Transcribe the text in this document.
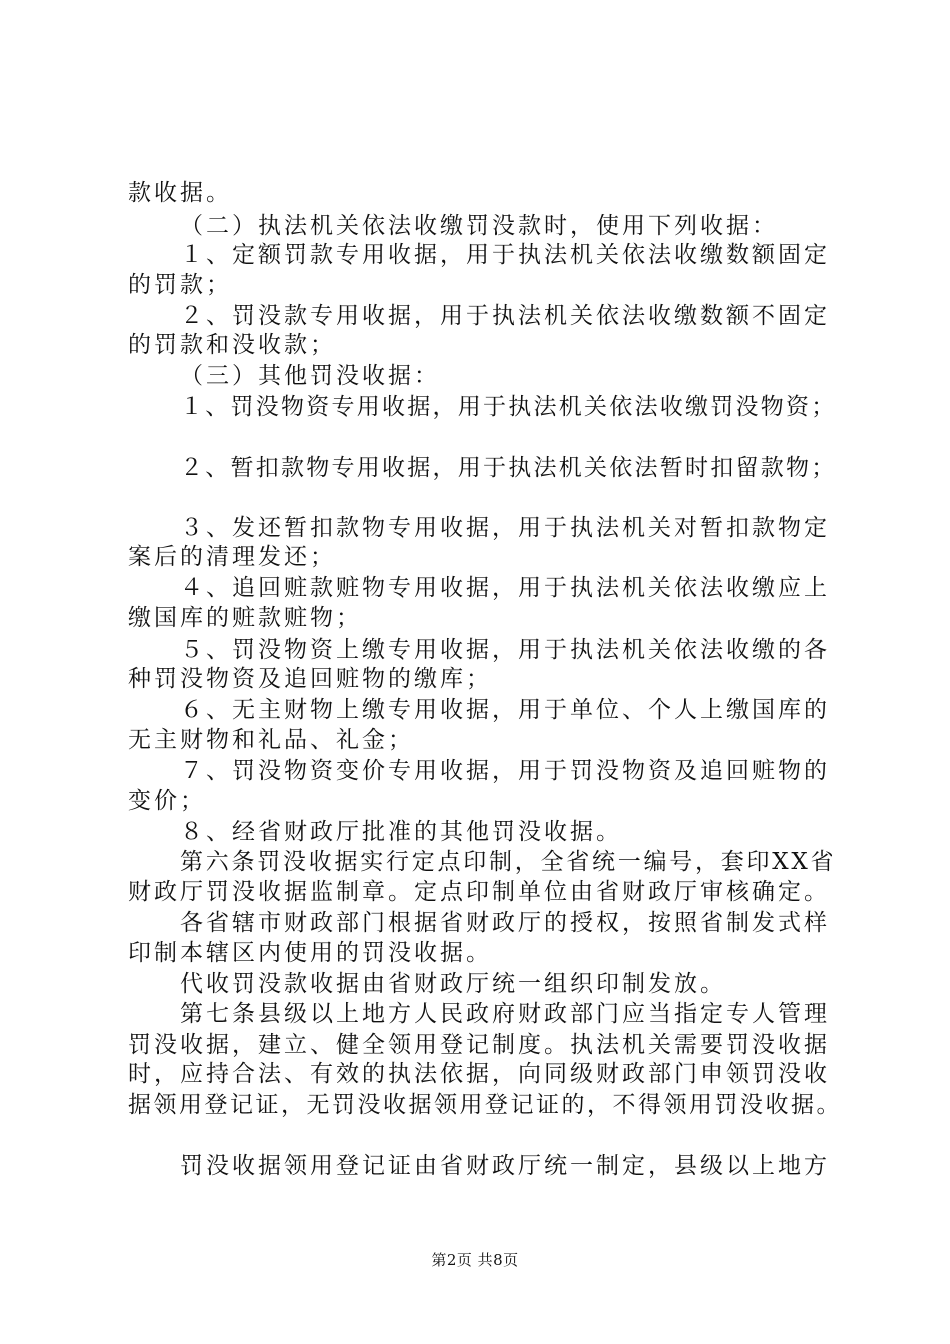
款收据。
（二）执法机关依法收缴罚没款时，使用下列收据：
１、定额罚款专用收据，用于执法机关依法收缴数额固定
的罚款；
２、罚没款专用收据，用于执法机关依法收缴数额不固定
的罚款和没收款；
（三）其他罚没收据：
１、罚没物资专用收据，用于执法机关依法收缴罚没物资；
２、暂扣款物专用收据，用于执法机关依法暂时扣留款物；
３、发还暂扣款物专用收据，用于执法机关对暂扣款物定
案后的清理发还；
４、追回赃款赃物专用收据，用于执法机关依法收缴应上
缴国库的赃款赃物；
５、罚没物资上缴专用收据，用于执法机关依法收缴的各
种罚没物资及追回赃物的缴库；
６、无主财物上缴专用收据，用于单位、个人上缴国库的
无主财物和礼品、礼金；
７、罚没物资变价专用收据，用于罚没物资及追回赃物的
变价；
８、经省财政厅批准的其他罚没收据。
第六条罚没收据实行定点印制，全省统一编号，套印XX省
财政厅罚没收据监制章。定点印制单位由省财政厅审核确定。
各省辖市财政部门根据省财政厅的授权，按照省制发式样
印制本辖区内使用的罚没收据。
代收罚没款收据由省财政厅统一组织印制发放。
第七条县级以上地方人民政府财政部门应当指定专人管理
罚没收据，建立、健全领用登记制度。执法机关需要罚没收据
时，应持合法、有效的执法依据，向同级财政部门申领罚没收
据领用登记证，无罚没收据领用登记证的，不得领用罚没收据。
罚没收据领用登记证由省财政厅统一制定，县级以上地方
第2页 共8页
